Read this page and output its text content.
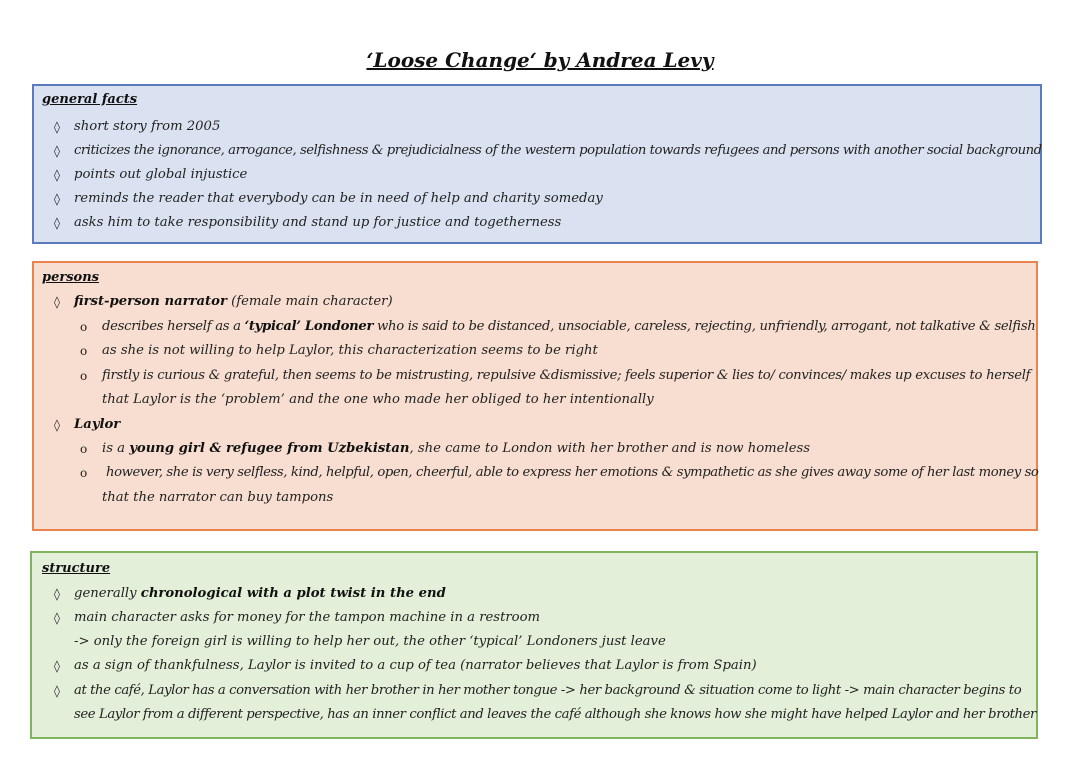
‘Loose Change‘ by Andrea Levy
general facts
◊ short story from 2005
◊ criticizes the ignorance, arrogance, selfishness & prejudicialness of the western population towards refugees and persons with another social background
◊ points out global injustice
◊ reminds the reader that everybody can be in need of help and charity someday
◊ asks him to take responsibility and stand up for justice and togetherness
persons
◊ first-person narrator (female main character)
o describes herself as a ‘typical’ Londoner who is said to be distanced, unsociable, careless, rejecting, unfriendly, arrogant, not talkative & selfish
o as she is not willing to help Laylor, this characterization seems to be right
o firstly is curious & grateful, then seems to be mistrusting, repulsive &dismissive; feels superior & lies to/ convinces/ makes up excuses to herself
that Laylor is the ‘problem’ and the one who made her obliged to her intentionally
◊ Laylor
o is a young girl & refugee from Uzbekistan, she came to London with her brother and is now homeless
o however, she is very selfless, kind, helpful, open, cheerful, able to express her emotions & sympathetic as she gives away some of her last money so
that the narrator can buy tampons
structure
◊ generally chronological with a plot twist in the end
◊ main character asks for money for the tampon machine in a restroom
-> only the foreign girl is willing to help her out, the other ‘typical’ Londoners just leave
◊ as a sign of thankfulness, Laylor is invited to a cup of tea (narrator believes that Laylor is from Spain)
◊ at the café, Laylor has a conversation with her brother in her mother tongue -> her background & situation come to light -> main character begins to
see Laylor from a different perspective, has an inner conflict and leaves the café although she knows how she might have helped Laylor and her brother
